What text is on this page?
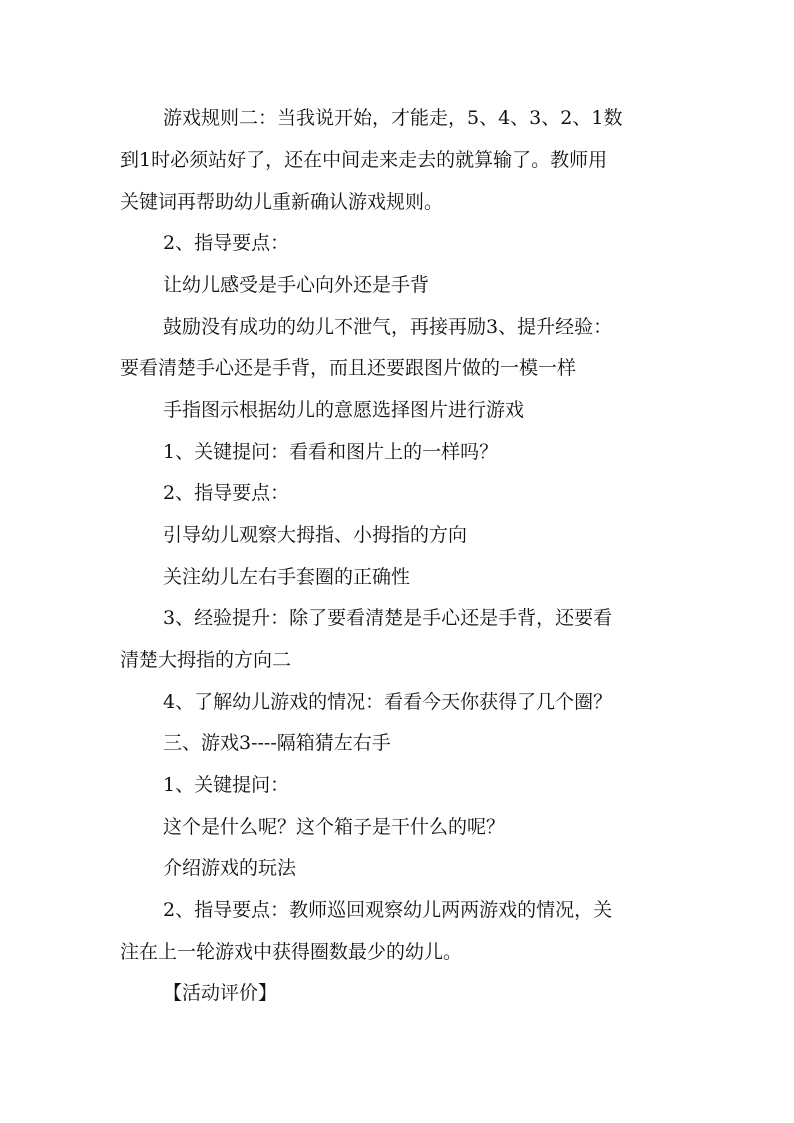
游戏规则二：当我说开始，才能走，5、4、3、2、1数
到1时必须站好了，还在中间走来走去的就算输了。教师用
关键词再帮助幼儿重新确认游戏规则。
2、指导要点：
让幼儿感受是手心向外还是手背
鼓励没有成功的幼儿不泄气，再接再励3、提升经验：
要看清楚手心还是手背，而且还要跟图片做的一模一样
手指图示根据幼儿的意愿选择图片进行游戏
1、关键提问：看看和图片上的一样吗？
2、指导要点：
引导幼儿观察大拇指、小拇指的方向
关注幼儿左右手套圈的正确性
3、经验提升：除了要看清楚是手心还是手背，还要看
清楚大拇指的方向二
4、了解幼儿游戏的情况：看看今天你获得了几个圈？
三、游戏3----隔箱猜左右手
1、关键提问：
这个是什么呢？这个箱子是干什么的呢？
介绍游戏的玩法
2、指导要点：教师巡回观察幼儿两两游戏的情况，关
注在上一轮游戏中获得圈数最少的幼儿。
【活动评价】
